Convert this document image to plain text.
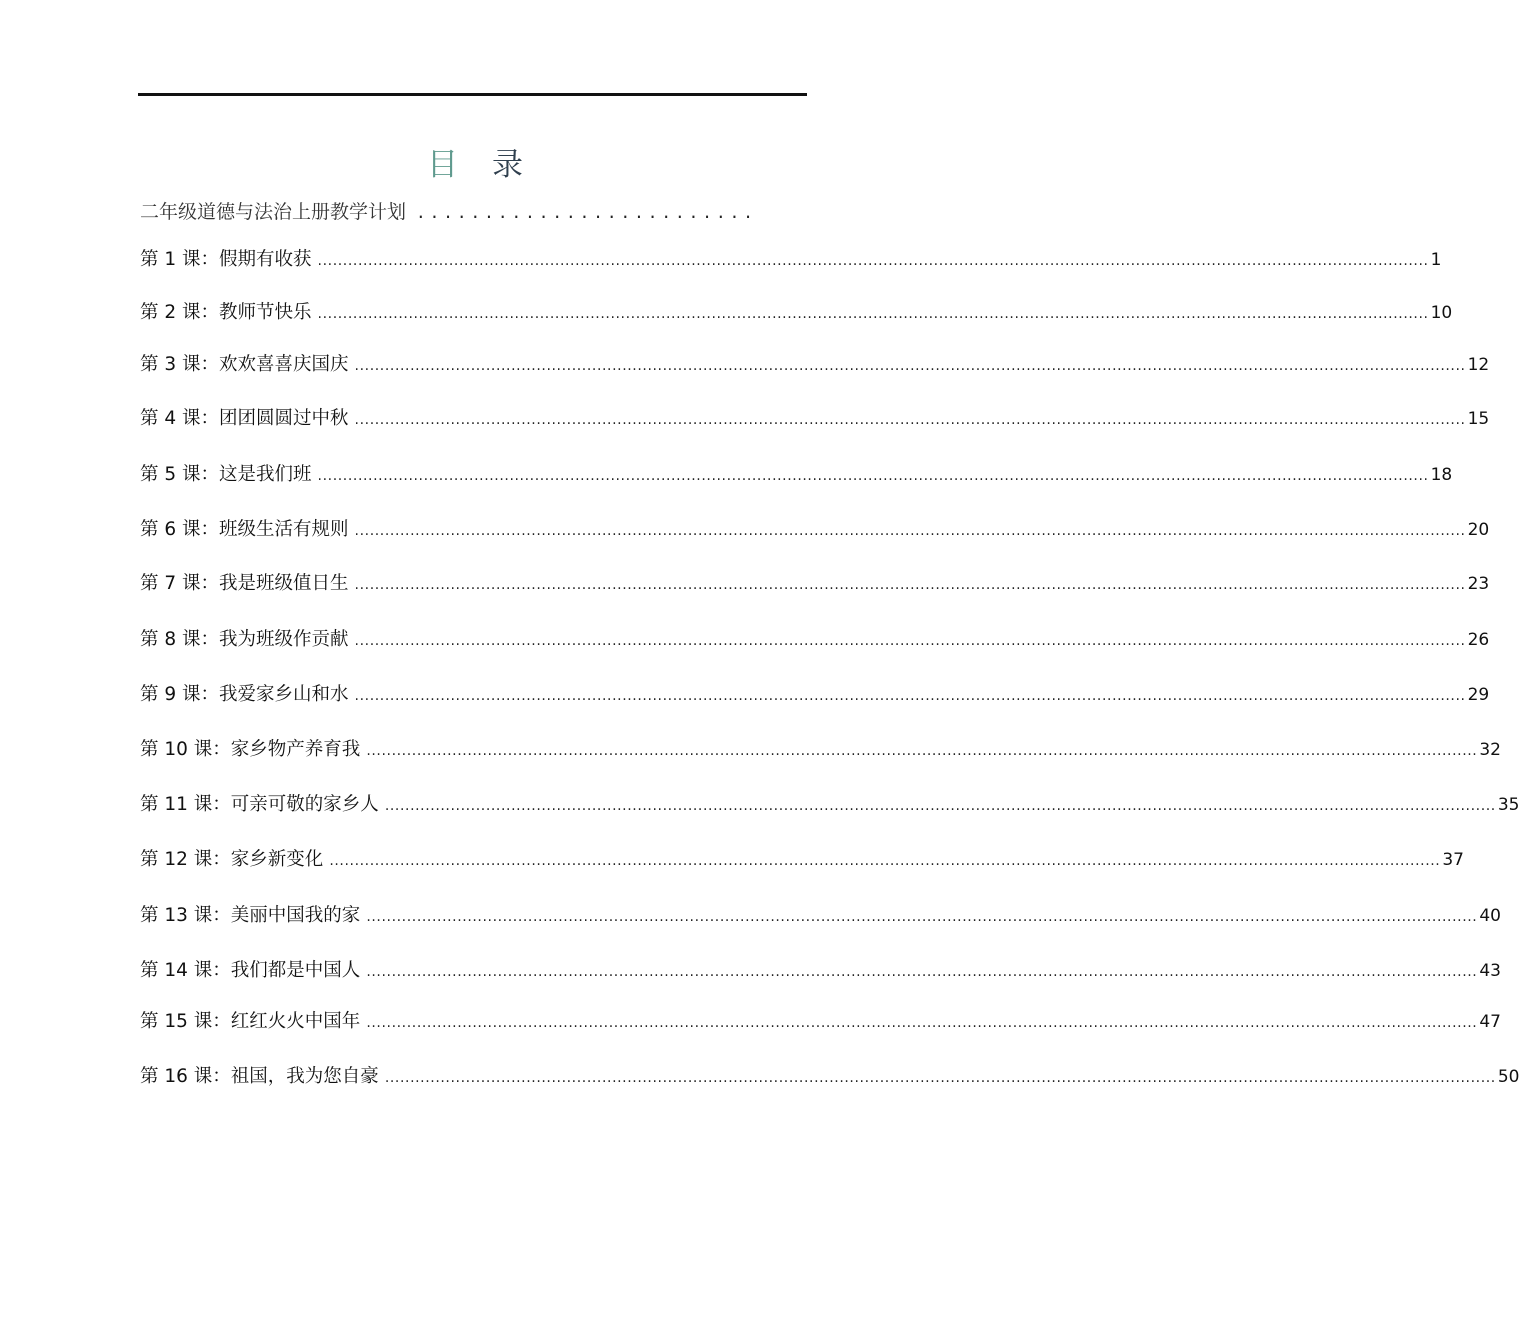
目 录
二年级道德与法治上册教学计划 .........................
第 1 课：假期有收获 ............................................................................................................................................................................................................................ 1
第 2 课：教师节快乐 ............................................................................................................................................................................................................................ 10
第 3 课：欢欢喜喜庆国庆 ............................................................................................................................................................................................................................ 12
第 4 课：团团圆圆过中秋 ............................................................................................................................................................................................................................ 15
第 5 课：这是我们班 ............................................................................................................................................................................................................................ 18
第 6 课：班级生活有规则 ............................................................................................................................................................................................................................ 20
第 7 课：我是班级值日生 ............................................................................................................................................................................................................................ 23
第 8 课：我为班级作贡献 ............................................................................................................................................................................................................................ 26
第 9 课：我爱家乡山和水 ............................................................................................................................................................................................................................ 29
第 10 课：家乡物产养育我 ............................................................................................................................................................................................................................ 32
第 11 课：可亲可敬的家乡人 ............................................................................................................................................................................................................................ 35
第 12 课：家乡新变化 ............................................................................................................................................................................................................................ 37
第 13 课：美丽中国我的家 ............................................................................................................................................................................................................................ 40
第 14 课：我们都是中国人 ............................................................................................................................................................................................................................ 43
第 15 课：红红火火中国年 ............................................................................................................................................................................................................................ 47
第 16 课：祖国，我为您自豪 ............................................................................................................................................................................................................................ 50
